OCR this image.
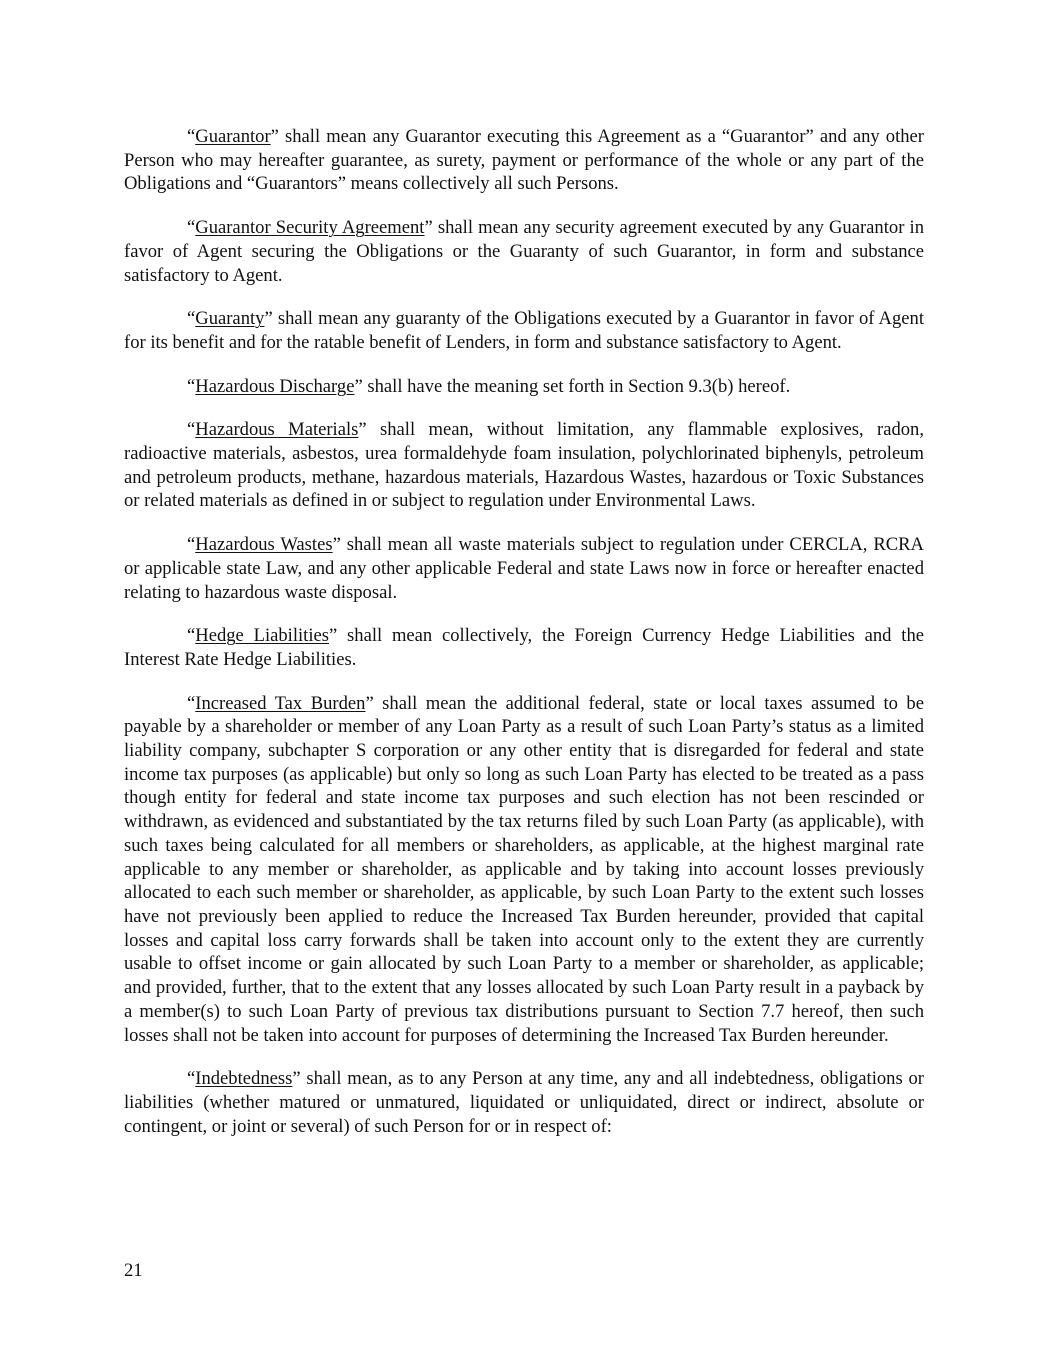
“Guarantor” shall mean any Guarantor executing this Agreement as a “Guarantor” and any other Person who may hereafter guarantee, as surety, payment or performance of the whole or any part of the Obligations and “Guarantors” means collectively all such Persons.

“Guarantor Security Agreement” shall mean any security agreement executed by any Guarantor in favor of Agent securing the Obligations or the Guaranty of such Guarantor, in form and substance satisfactory to Agent.

“Guaranty” shall mean any guaranty of the Obligations executed by a Guarantor in favor of Agent for its benefit and for the ratable benefit of Lenders, in form and substance satisfactory to Agent.

“Hazardous Discharge” shall have the meaning set forth in Section 9.3(b) hereof.

“Hazardous Materials” shall mean, without limitation, any flammable explosives, radon, radioactive materials, asbestos, urea formaldehyde foam insulation, polychlorinated biphenyls, petroleum and petroleum products, methane, hazardous materials, Hazardous Wastes, hazardous or Toxic Substances or related materials as defined in or subject to regulation under Environmental Laws.

“Hazardous Wastes” shall mean all waste materials subject to regulation under CERCLA, RCRA or applicable state Law, and any other applicable Federal and state Laws now in force or hereafter enacted relating to hazardous waste disposal.

“Hedge Liabilities” shall mean collectively, the Foreign Currency Hedge Liabilities and the Interest Rate Hedge Liabilities.

“Increased Tax Burden” shall mean the additional federal, state or local taxes assumed to be payable by a shareholder or member of any Loan Party as a result of such Loan Party’s status as a limited liability company, subchapter S corporation or any other entity that is disregarded for federal and state income tax purposes (as applicable) but only so long as such Loan Party has elected to be treated as a pass though entity for federal and state income tax purposes and such election has not been rescinded or withdrawn, as evidenced and substantiated by the tax returns filed by such Loan Party (as applicable), with such taxes being calculated for all members or shareholders, as applicable, at the highest marginal rate applicable to any member or shareholder, as applicable and by taking into account losses previously allocated to each such member or shareholder, as applicable, by such Loan Party to the extent such losses have not previously been applied to reduce the Increased Tax Burden hereunder, provided that capital losses and capital loss carry forwards shall be taken into account only to the extent they are currently usable to offset income or gain allocated by such Loan Party to a member or shareholder, as applicable; and provided, further, that to the extent that any losses allocated by such Loan Party result in a payback by a member(s) to such Loan Party of previous tax distributions pursuant to Section 7.7 hereof, then such losses shall not be taken into account for purposes of determining the Increased Tax Burden hereunder.

“Indebtedness” shall mean, as to any Person at any time, any and all indebtedness, obligations or liabilities (whether matured or unmatured, liquidated or unliquidated, direct or indirect, absolute or contingent, or joint or several) of such Person for or in respect of:

21
